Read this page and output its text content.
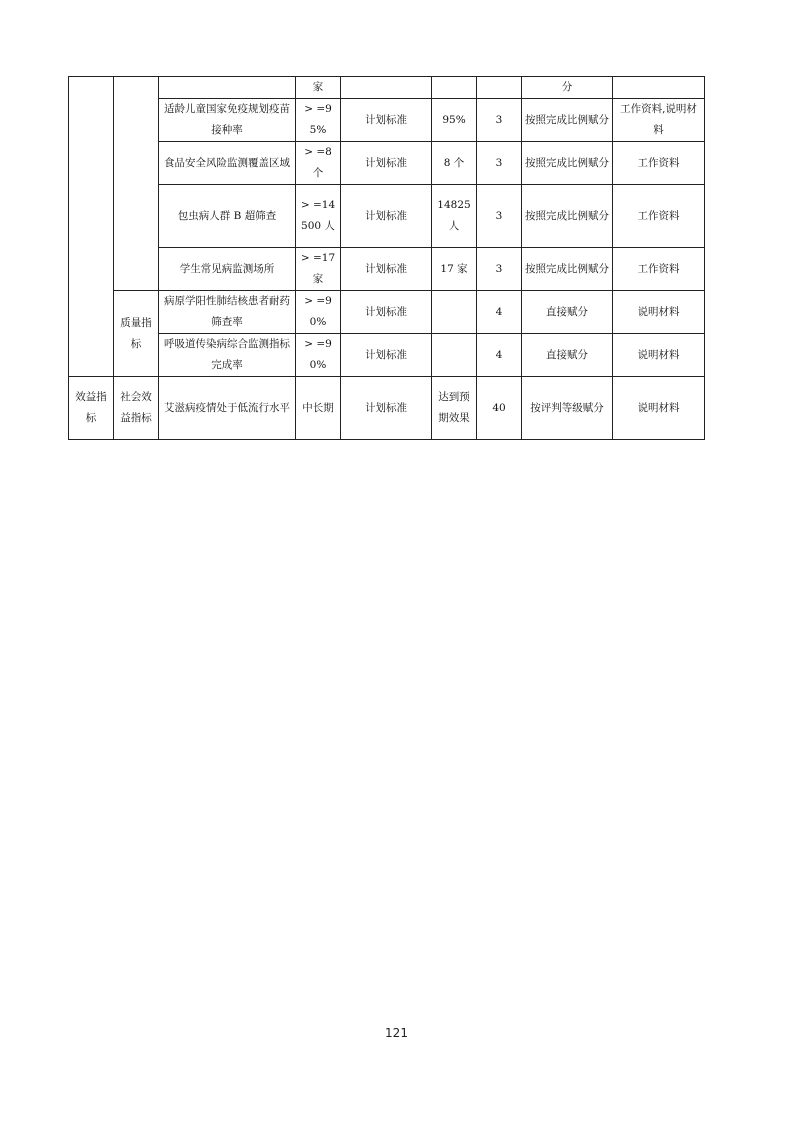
			家				分	
		适龄儿童国家免疫规划疫苗接种率	> =95%	计划标准	95%	3	按照完成比例赋分	工作资料,说明材料
		食品安全风险监测覆盖区域	> =8 个	计划标准	8 个	3	按照完成比例赋分	工作资料
		包虫病人群 B 超筛查	> =14500 人	计划标准	14825 人	3	按照完成比例赋分	工作资料
		学生常见病监测场所	> =17 家	计划标准	17 家	3	按照完成比例赋分	工作资料
	质量指标	病原学阳性肺结核患者耐药筛查率	> =90%	计划标准		4	直接赋分	说明材料
		呼吸道传染病综合监测指标完成率	> =90%	计划标准		4	直接赋分	说明材料
效益指标	社会效益指标	艾滋病疫情处于低流行水平	中长期	计划标准	达到预期效果	40	按评判等级赋分	说明材料
121
